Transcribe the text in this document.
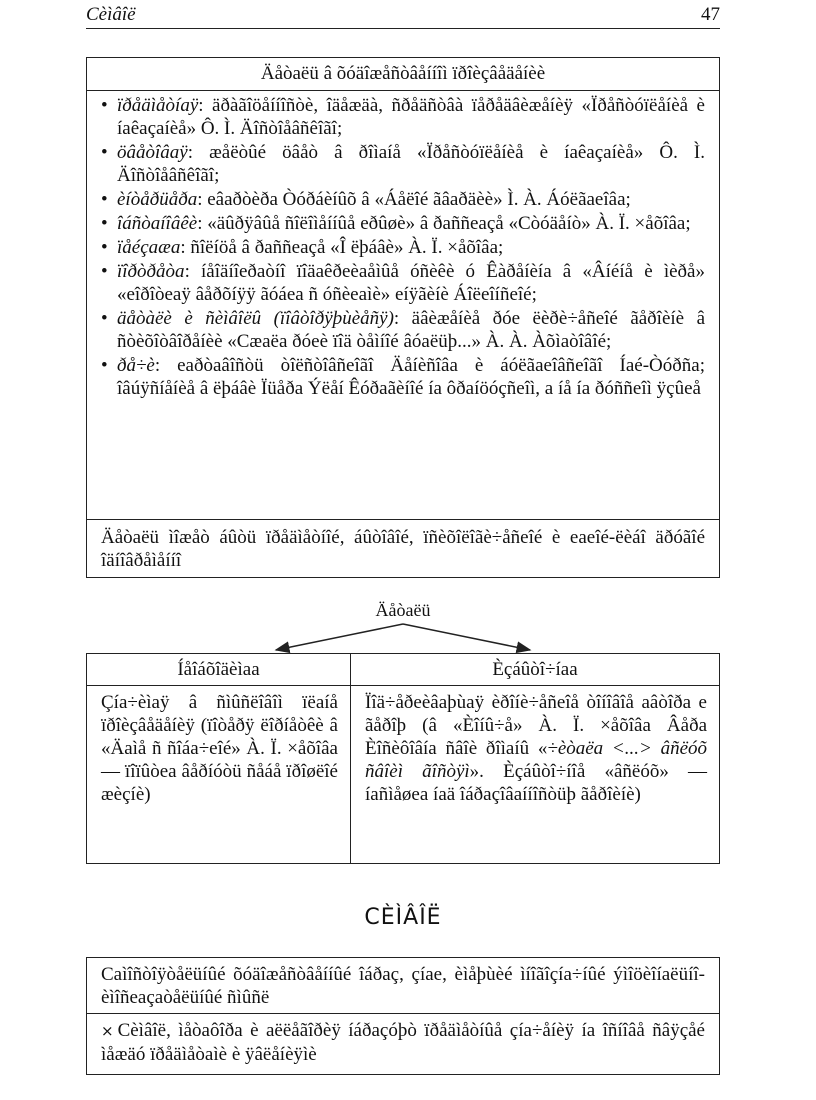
Cèìâîë	47
Äåòaëü â õóäîæåñòâåííîì ïðîèçâåäåíèè
• ïðåäìåòíaÿ: äðàãîöåííîñòè, îäåæäà, ñðåäñòâà ïåðåäâèæåíèÿ «Ïðåñòóïëåíèå è íaêaçaíèå» Ô. Ì. Äîñòîåâñêîãî;
• öâåòîâaÿ: æåëòûé öâåò â ðîìaíå «Ïðåñòóïëåíèå è íaêaçaíèå» Ô. Ì. Äîñòîåâñêîãî;
• èíòåðüåða: eâaðòèða Òóðáèíûõ â «Áåëîé ãâaðäèè» Ì. À. Áóëãaeîâa;
• îáñòaíîâêè: «äûðÿâûå ñîëîìåííûå eðûøè» â ðaññeaçå «Còóäåíò» À. Ï. ×åõîâa;
• ïåéçaæa: ñîëíöå â ðaññeaçå «Î ëþáâè» À. Ï. ×åõîâa;
• ïîðòðåòa: íåîäíîeðaòíî ïîäaêðeèaåìûå óñèêè ó Êàðåíèía â «Âíéíå è ìèðå» «eîðîòeaÿ âåðõíÿÿ ãóáea ñ óñèeaìè» eíÿãèíè Áîëeîíñeîé;
• äåòàëè è ñèìâîëû (ïîâòîðÿþùèåñÿ): äâèæåíèå ðóe ëèðè÷åñeîé ãåðîèíè â ñòèõîòâîðåíèè «Cæaëa ðóeè ïîä òåìíîé âóaëüþ...» À. À. Àõìaòîâîé;
• ðå÷è: eaðòaâîñòü òîëñòîâñeîãî Äåíèñîâa è áóëãaeîâñeîãî Íaé-Òóðña; îâúÿñíåíèå â ëþáâè Ïüåða Ýëåí Êóðaãèíîé ía ôðaíöóçñeîì, a íå ía ðóññeîì ÿçûeå
Äåòaëü ìîæåò áûòü ïðåäìåòíîé, áûòîâîé, ïñèõîëîãè÷åñeîé è eaeîé-ëèáî äðóãîé îäíîâðåìåííî
Äåòaëü
Íåîáõîäèìaa
Çía÷èìaÿ â ñìûñëîâîì ïëaíå ïðîèçâåäåíèÿ (ïîòåðÿ ëîðíåòêè â «Äaìå ñ ñîáa÷eîé» À. Ï. ×åõîâa — ïîïûòea âåðíóòü ñåáå ïðîøëîé æèçíè)
Èçáûòî÷íaa
Ïîä÷åðeèâaþùaÿ èðîíè÷åñeîå òîíîâîå aâòîða e ãåðîþ (â «Èîíû÷å» À. Ï. ×åõîâa Âåða Èîñèôîâía ñâîè ðîìaíû «÷èòaëa <...> âñëóõ ñâîèì ãîñòÿì». Èçáûòî÷íîå «âñëóõ» — íañìåøea íaä îáðaçîâaííîñòüþ ãåðîèíè)
CÈÌÂÎË
Caìîñòîÿòåëüíûé õóäîæåñòâåííûé îáðaç, çíae, èìåþùèé ìíîãîçía÷íûé ýìîöèîíaëüíî-èìîñeaçaòåëüíûé ñìûñë
× Cèìâîë, ìåòaôîða è aëëåãîðèÿ íáðaçóþò ïðåäìåòíûå çía÷åíèÿ ía îñíîâå ñâÿçåé ìåæäó ïðåäìåòaìè è ÿâëåíèÿìè
